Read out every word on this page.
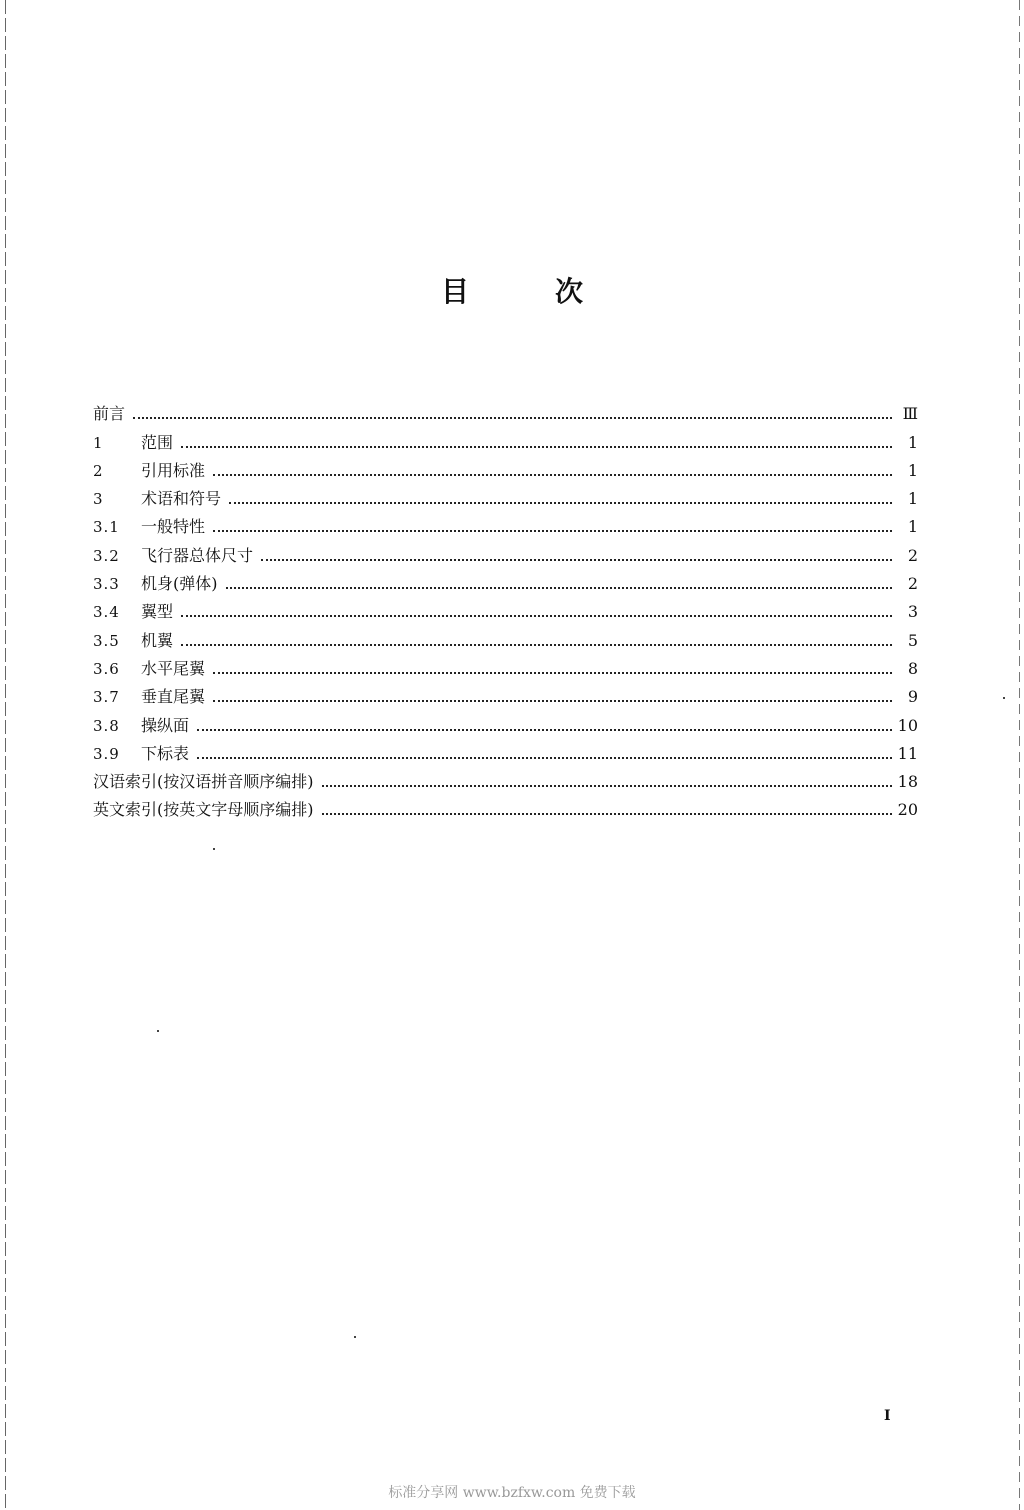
目	次
前言	Ⅲ
1	范围	1
2	引用标准	1
3	术语和符号	1
3.1	一般特性	1
3.2	飞行器总体尺寸	2
3.3	机身(弹体)	2
3.4	翼型	3
3.5	机翼	5
3.6	水平尾翼	8
3.7	垂直尾翼	9
3.8	操纵面	10
3.9	下标表	11
汉语索引(按汉语拼音顺序编排)	18
英文索引(按英文字母顺序编排)	20
I
标准分享网 www.bzfxw.com 免费下载
